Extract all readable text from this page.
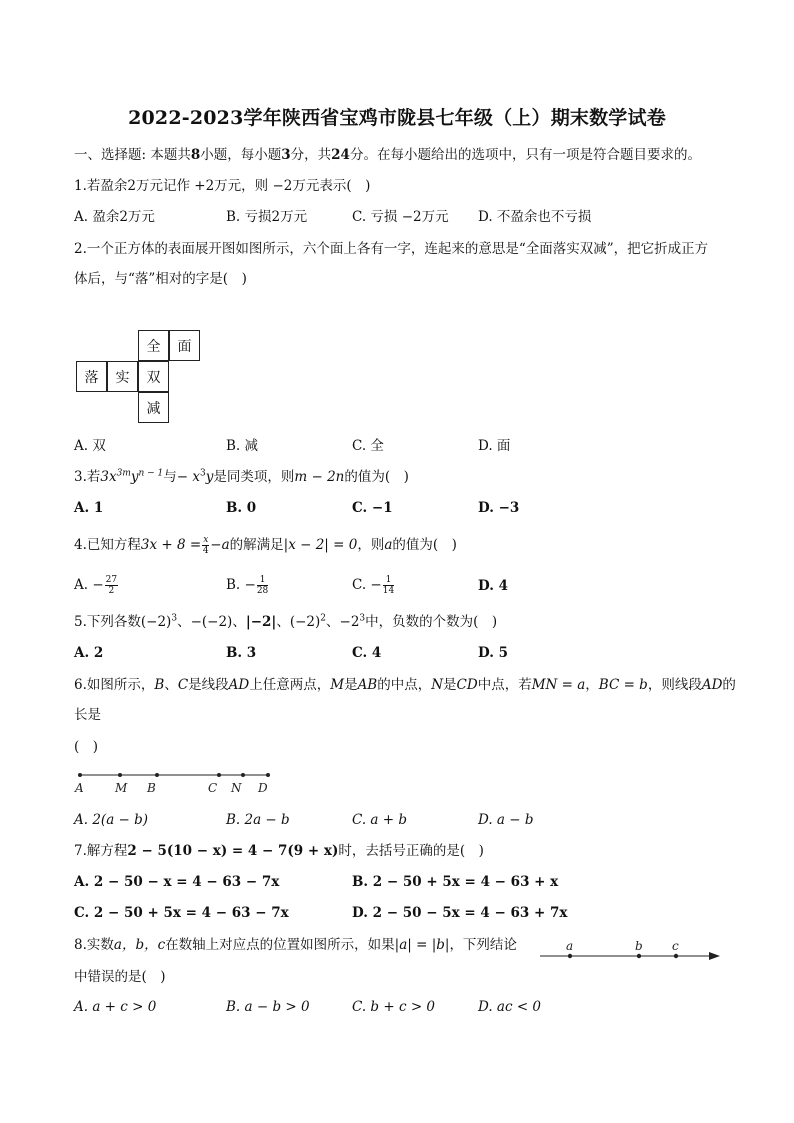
2022-2023学年陕西省宝鸡市陇县七年级（上）期末数学试卷
一、选择题: 本题共8小题，每小题3分，共24分。在每小题给出的选项中，只有一项是符合题目要求的。
1.若盈余2万元记作 +2万元，则 −2万元表示(　)
A. 盈余2万元	B. 亏损2万元	C. 亏损 −2万元 D. 不盈余也不亏损
2.一个正方体的表面展开图如图所示，六个面上各有一字，连起来的意思是“全面落实双减”，把它折成正方
体后，与“落”相对的字是(　)
全	面
落	实	双
减
A. 双	B. 减	C. 全	D. 面
3.若$3x^{3m}y^{n - 1}$与− $x^3y$是同类项，则m − 2n的值为(　)
A. 1	B. 0	C. −1	D. −3
4.已知方程$3x + 8 = \frac{x}{4} -a$的解满足|x − 2| = 0，则a的值为(　)
A. − $\frac{27}{2}$	B. − $\frac{1}{28}$	C. − $\frac{1}{14}$	D. 4
5.下列各数$(-2)^3$、−(−2)、|−2|、$(-2)^2$、$-2^3$中，负数的个数为(　)
A. 2	B. 3	C. 4	D. 5
6.如图所示，B、C是线段AD上任意两点，M是AB的中点，N是CD中点，若MN = a，BC = b，则线段AD的
长是
(　)
A	M B	C N D
A. 2(a − b)	B. 2a − b	C. a + b	D. a − b
7.解方程2 − 5(10 − x) = 4 − 7(9 + x)时，去括号正确的是(　)
A. 2 − 50 − x = 4 − 63 − 7x	B. 2 − 50 + 5x = 4 − 63 + x
C. 2 − 50 + 5x = 4 − 63 − 7x	D. 2 − 50 − 5x = 4 − 63 + 7x
8.实数a，b，c在数轴上对应点的位置如图所示，如果|a| = |b|，下列结论
中错误的是(　)
a	b c
A. a + c > 0	B. a − b > 0	C. b + c > 0	D. ac < 0
